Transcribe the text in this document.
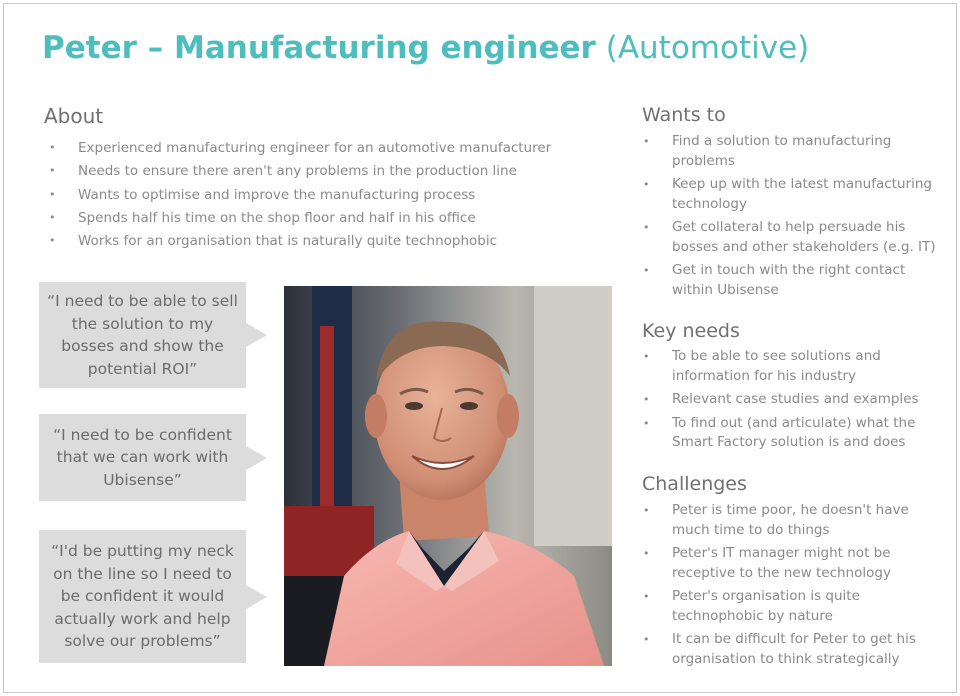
Peter – Manufacturing engineer (Automotive)
About
• Experienced manufacturing engineer for an automotive manufacturer
• Needs to ensure there aren't any problems in the production line
• Wants to optimise and improve the manufacturing process
• Spends half his time on the shop floor and half in his office
• Works for an organisation that is naturally quite technophobic
“I need to be able to sell the solution to my bosses and show the potential ROI”
“I need to be confident that we can work with Ubisense”
“I'd be putting my neck on the line so I need to be confident it would actually work and help solve our problems”
Wants to
• Find a solution to manufacturing problems
• Keep up with the latest manufacturing technology
• Get collateral to help persuade his bosses and other stakeholders (e.g. IT)
• Get in touch with the right contact within Ubisense
Key needs
• To be able to see solutions and information for his industry
• Relevant case studies and examples
• To find out (and articulate) what the Smart Factory solution is and does
Challenges
• Peter is time poor, he doesn't have much time to do things
• Peter's IT manager might not be receptive to the new technology
• Peter's organisation is quite technophobic by nature
• It can be difficult for Peter to get his organisation to think strategically
